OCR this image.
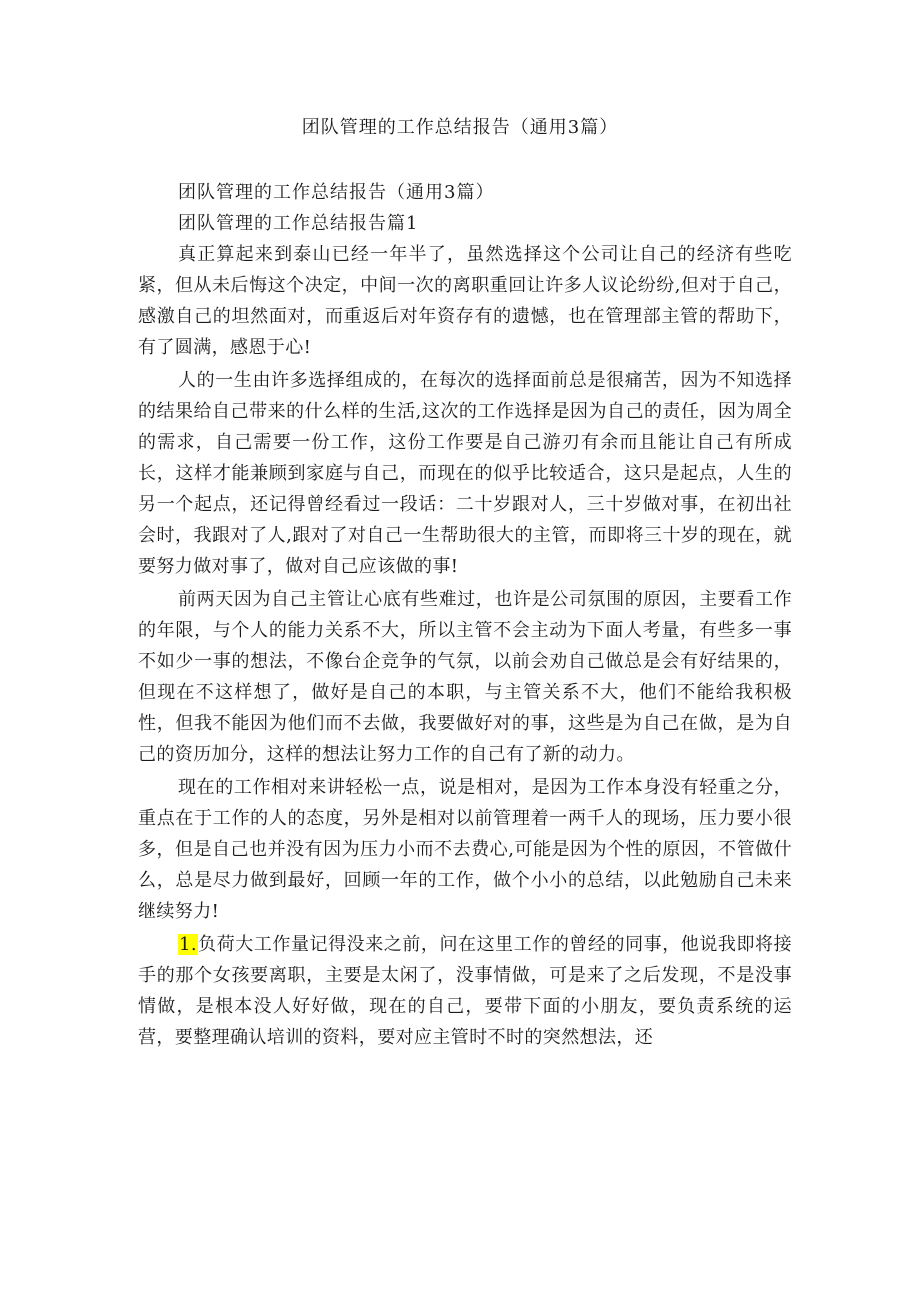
团队管理的工作总结报告（通用3篇）

团队管理的工作总结报告（通用3篇）

团队管理的工作总结报告篇1

真正算起来到泰山已经一年半了，虽然选择这个公司让自己的经济有些吃紧，但从未后悔这个决定，中间一次的离职重回让许多人议论纷纷,但对于自己，感激自己的坦然面对，而重返后对年资存有的遗憾，也在管理部主管的帮助下，有了圆满，感恩于心!

人的一生由许多选择组成的，在每次的选择面前总是很痛苦，因为不知选择的结果给自己带来的什么样的生活,这次的工作选择是因为自己的责任，因为周全的需求，自己需要一份工作，这份工作要是自己游刃有余而且能让自己有所成长，这样才能兼顾到家庭与自己，而现在的似乎比较适合，这只是起点，人生的另一个起点，还记得曾经看过一段话：二十岁跟对人，三十岁做对事，在初出社会时，我跟对了人,跟对了对自己一生帮助很大的主管，而即将三十岁的现在，就要努力做对事了，做对自己应该做的事!

前两天因为自己主管让心底有些难过，也许是公司氛围的原因，主要看工作的年限，与个人的能力关系不大，所以主管不会主动为下面人考量，有些多一事不如少一事的想法，不像台企竞争的气氛，以前会劝自己做总是会有好结果的，但现在不这样想了，做好是自己的本职，与主管关系不大，他们不能给我积极性，但我不能因为他们而不去做，我要做好对的事，这些是为自己在做，是为自己的资历加分，这样的想法让努力工作的自己有了新的动力。

现在的工作相对来讲轻松一点，说是相对，是因为工作本身没有轻重之分，重点在于工作的人的态度，另外是相对以前管理着一两千人的现场，压力要小很多，但是自己也并没有因为压力小而不去费心,可能是因为个性的原因，不管做什么，总是尽力做到最好，回顾一年的工作，做个小小的总结，以此勉励自己未来继续努力!

1.负荷大工作量记得没来之前，问在这里工作的曾经的同事，他说我即将接手的那个女孩要离职，主要是太闲了，没事情做，可是来了之后发现，不是没事情做，是根本没人好好做，现在的自己，要带下面的小朋友，要负责系统的运营，要整理确认培训的资料，要对应主管时不时的突然想法，还
